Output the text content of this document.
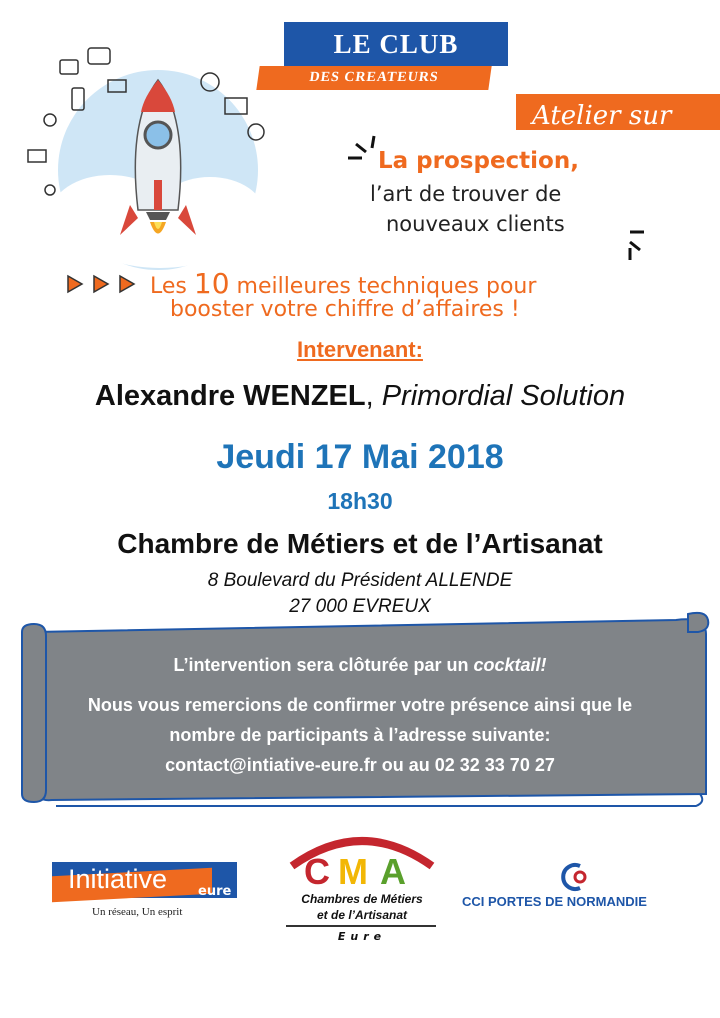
LE CLUB
DES CREATEURS
Atelier sur
La prospection,
l’art de trouver de
nouveaux clients
Les 10 meilleures techniques pour
booster votre chiffre d’affaires !
Intervenant:
Alexandre WENZEL, Primordial Solution
Jeudi 17 Mai 2018
18h30
Chambre de Métiers et de l’Artisanat
8 Boulevard du Président ALLENDE
27 000 EVREUX

L’intervention sera clôturée par un cocktail!

Nous vous remercions de confirmer votre présence ainsi que le

nombre de participants à l’adresse suivante:

contact@intiative-eure.fr ou au 02 32 33 70 27

Initiative eure
Un réseau, Un esprit
C M A
Chambres de Métiers
et de l’Artisanat
Eure
CCI PORTES DE NORMANDIE
